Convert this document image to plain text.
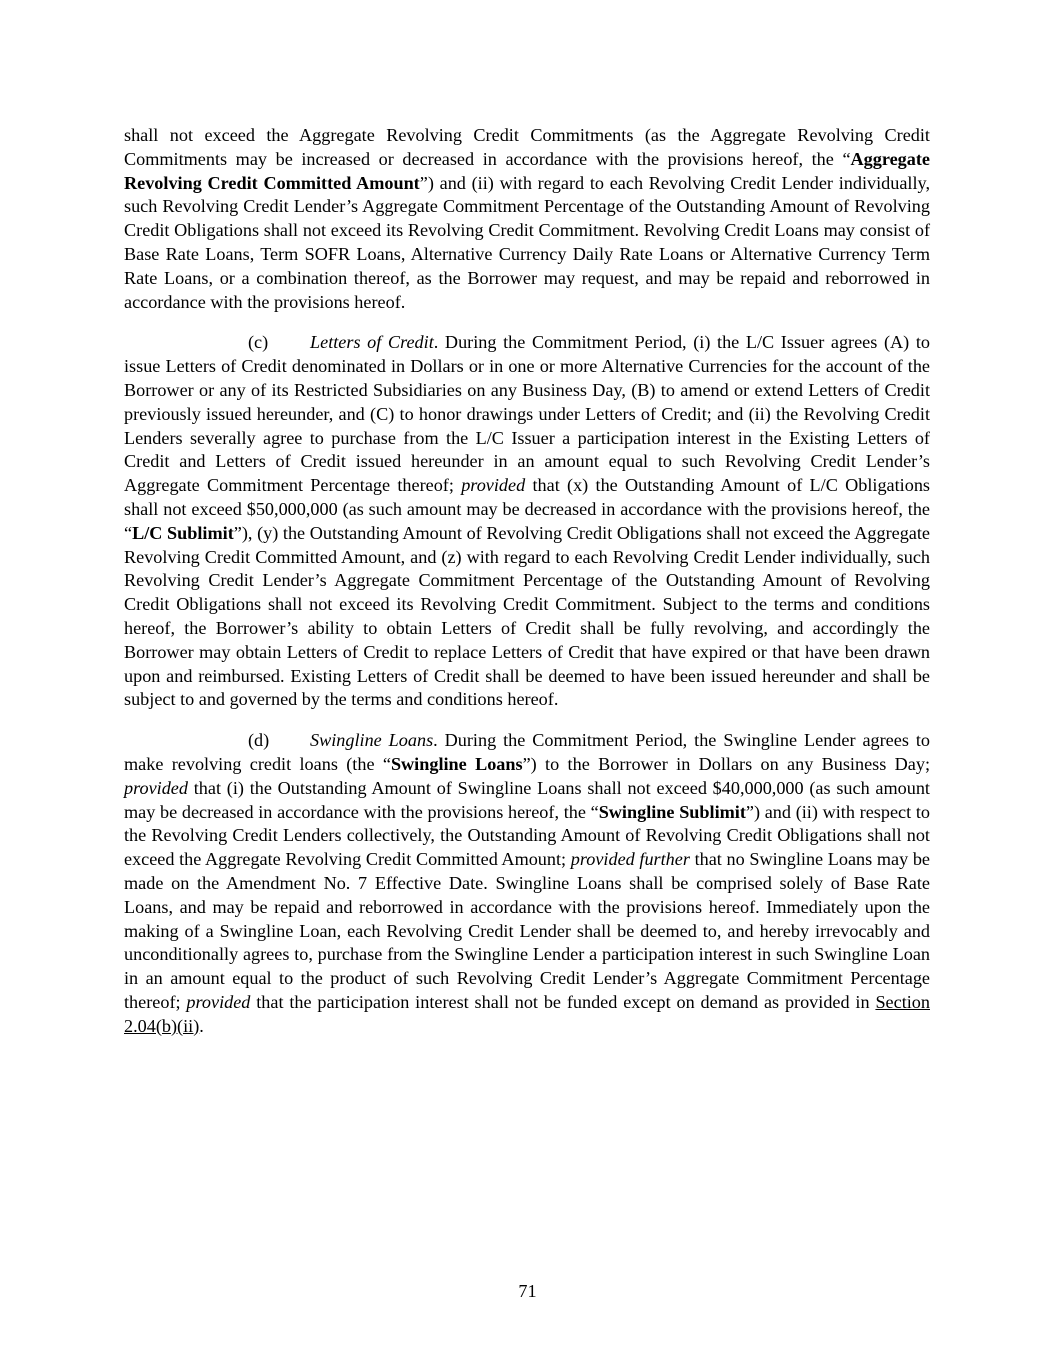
shall not exceed the Aggregate Revolving Credit Commitments (as the Aggregate Revolving Credit Commitments may be increased or decreased in accordance with the provisions hereof, the “Aggregate Revolving Credit Committed Amount”) and (ii) with regard to each Revolving Credit Lender individually, such Revolving Credit Lender’s Aggregate Commitment Percentage of the Outstanding Amount of Revolving Credit Obligations shall not exceed its Revolving Credit Commitment. Revolving Credit Loans may consist of Base Rate Loans, Term SOFR Loans, Alternative Currency Daily Rate Loans or Alternative Currency Term Rate Loans, or a combination thereof, as the Borrower may request, and may be repaid and reborrowed in accordance with the provisions hereof.

(c) Letters of Credit. During the Commitment Period, (i) the L/C Issuer agrees (A) to issue Letters of Credit denominated in Dollars or in one or more Alternative Currencies for the account of the Borrower or any of its Restricted Subsidiaries on any Business Day, (B) to amend or extend Letters of Credit previously issued hereunder, and (C) to honor drawings under Letters of Credit; and (ii) the Revolving Credit Lenders severally agree to purchase from the L/C Issuer a participation interest in the Existing Letters of Credit and Letters of Credit issued hereunder in an amount equal to such Revolving Credit Lender’s Aggregate Commitment Percentage thereof; provided that (x) the Outstanding Amount of L/C Obligations shall not exceed $50,000,000 (as such amount may be decreased in accordance with the provisions hereof, the “L/C Sublimit”), (y) the Outstanding Amount of Revolving Credit Obligations shall not exceed the Aggregate Revolving Credit Committed Amount, and (z) with regard to each Revolving Credit Lender individually, such Revolving Credit Lender’s Aggregate Commitment Percentage of the Outstanding Amount of Revolving Credit Obligations shall not exceed its Revolving Credit Commitment. Subject to the terms and conditions hereof, the Borrower’s ability to obtain Letters of Credit shall be fully revolving, and accordingly the Borrower may obtain Letters of Credit to replace Letters of Credit that have expired or that have been drawn upon and reimbursed. Existing Letters of Credit shall be deemed to have been issued hereunder and shall be subject to and governed by the terms and conditions hereof.

(d) Swingline Loans. During the Commitment Period, the Swingline Lender agrees to make revolving credit loans (the “Swingline Loans”) to the Borrower in Dollars on any Business Day; provided that (i) the Outstanding Amount of Swingline Loans shall not exceed $40,000,000 (as such amount may be decreased in accordance with the provisions hereof, the “Swingline Sublimit”) and (ii) with respect to the Revolving Credit Lenders collectively, the Outstanding Amount of Revolving Credit Obligations shall not exceed the Aggregate Revolving Credit Committed Amount; provided further that no Swingline Loans may be made on the Amendment No. 7 Effective Date. Swingline Loans shall be comprised solely of Base Rate Loans, and may be repaid and reborrowed in accordance with the provisions hereof. Immediately upon the making of a Swingline Loan, each Revolving Credit Lender shall be deemed to, and hereby irrevocably and unconditionally agrees to, purchase from the Swingline Lender a participation interest in such Swingline Loan in an amount equal to the product of such Revolving Credit Lender’s Aggregate Commitment Percentage thereof; provided that the participation interest shall not be funded except on demand as provided in Section 2.04(b)(ii).

71
